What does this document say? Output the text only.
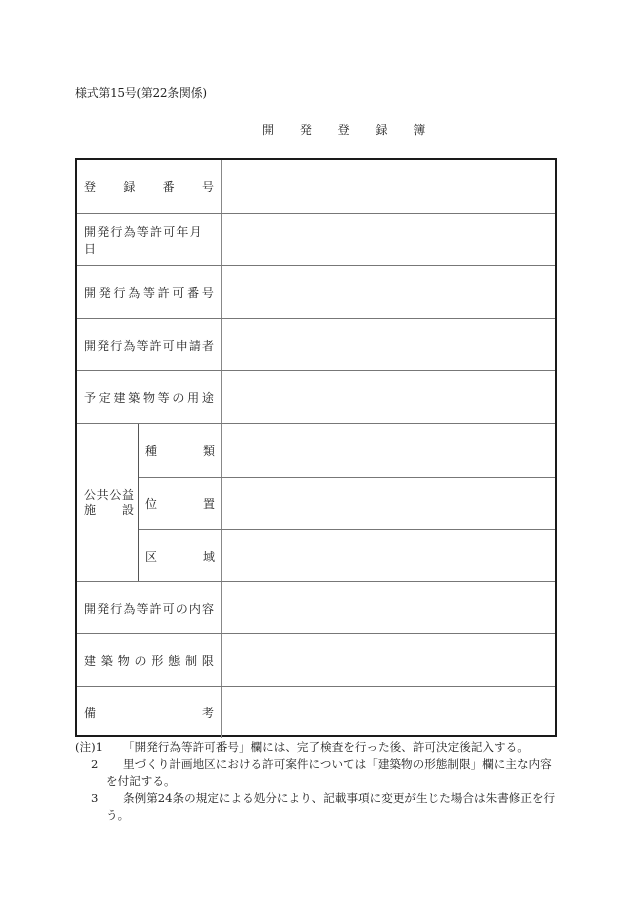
様式第15号(第22条関係)
開 発 登 録 簿
登 録 番 号
開発行為等許可年月日
開 発 行 為 等 許 可 番 号
開 発 行 為 等 許 可 申 請 者
予 定 建 築 物 等 の 用 途
公 共 公 益
施 設
種	類
位	置
区	域
開 発 行 為 等 許 可 の 内 容
建 築 物 の 形 態 制 限
備	考
(注)1	「開発行為等許可番号」欄には、完了検査を行った後、許可決定後記入する。
2	里づくり計画地区における許可案件については「建築物の形態制限」欄に主な内容
を付記する。
3	条例第24条の規定による処分により、記載事項に変更が生じた場合は朱書修正を行
う。
